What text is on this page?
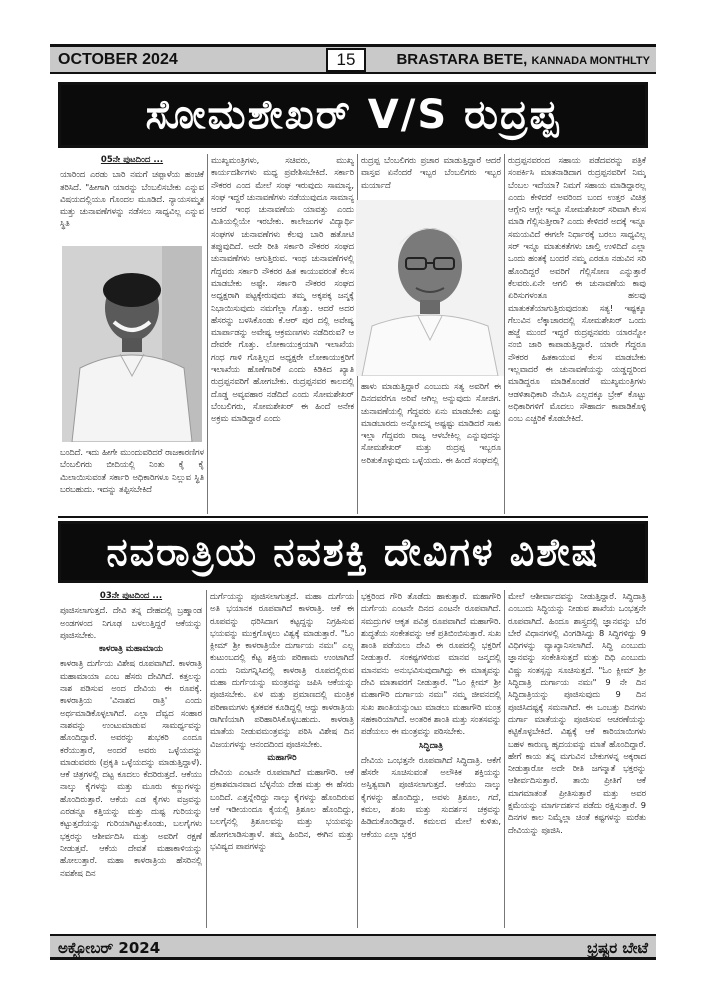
OCTOBER 2024	15	BRASTARA BETE, KANNADA MONTHLTY
ಸೋಮಶೇಖರ್ V/S ರುದ್ರಪ್ಪ

05ನೇ ಪುಟದಿಂದ ...

ಯಾರಿಂದ ಎರಡು ಬಾರಿ ನಮಗೆ ಚಪ್ಪಾಳೆಯ ಹಂಚಿಕೆ ತರಿಸಿದೆ. "ಹೀಗಾಗಿ ಯಾರನ್ನು ಬೆಂಬಲಿಸಬೇಕು ಎನ್ನುವ ವಿಷಯದಲ್ಲಿಯೂ ಗೊಂದಲ ಮೂಡಿದೆ. ನ್ಯಾಯಸಮ್ಮತ ಮತ್ತು ಚುನಾವಣೆಗಳನ್ನು ನಡೆಸಲು ಸಾಧ್ಯವಿಲ್ಲ ಎನ್ನುವ ಸ್ಥಿತಿ

ಬಂದಿದೆ. ಇದು ಹೀಗೇ ಮುಂದುವರಿದರೆ ರಾಜಕಾರಣಿಗಳ ಬೆಂಬಲಿಗರು ಬೀದಿಯಲ್ಲಿ ನಿಂತು ಕೈ ಕೈ ಮಿಲಾಯಿಸುವಂತೆ ಸರ್ಕಾರಿ ಅಧಿಕಾರಿಗಳೂ ನಿಲ್ಲುವ ಸ್ಥಿತಿ ಬರಬಹುದು. ಇದನ್ನು ತಪ್ಪಿಸಬೇಕಿದೆ

ಮುಖ್ಯಮಂತ್ರಿಗಳು, ಸಚಿವರು, ಮುಖ್ಯ ಕಾರ್ಯದರ್ಶಿಗಳು ಮಧ್ಯ ಪ್ರವೇಶಿಸಬೇಕಿದೆ. ಸರ್ಕಾರಿ ನೌಕರರ ಎಂದ ಮೇಲೆ ಸಂಘ ಇರುವುದು ಸಾಮಾನ್ಯ, ಸಂಘ ಇದ್ದರೆ ಚುನಾವಣೆಗಳು ನಡೆಯುವುದೂ ಸಾಮಾನ್ಯ ಆದರೆ ಇಂಥ ಚುನಾವಣೆಯ ಯಾವತ್ತು ಎಂದು ಮಿತಿಯಲ್ಲಿಯೇ ಇರಬೇಕು. ಕಾಲೇಜುಗಳ ವಿದ್ಯಾರ್ಥಿ ಸಂಘಗಳ ಚುನಾವಣೆಗಳು ಕೆಲವು ಬಾರಿ ಹತೋಟಿ ತಪ್ಪುವುದಿದೆ. ಅದೇ ರೀತಿ ಸರ್ಕಾರಿ ನೌಕರರ ಸಂಘದ ಚುನಾವಣೆಗಳು ಆಗುತ್ತಿರುವ. ಇಂಥ ಚುನಾವಣೆಗಳಲ್ಲಿ ಗೆದ್ದವರು ಸರ್ಕಾರಿ ನೌಕರರ ಹಿತ ಕಾಯುವರಂತೆ ಕೆಲಸ ಮಾಡಬೇಕು ಅಷ್ಟೇ. ಸರ್ಕಾರಿ ನೌಕರರ ಸಂಘದ ಅಧ್ಯಕ್ಷರಾಗಿ ಪಟ್ಟಕ್ಕೇರುವುದು ತಮ್ಮ ಅಕ್ಕಪಕ್ಕ ಜನ್ಮಕ್ಕೆ ನಿಭಾಯಿಸುವುದು ನಮಗೆಲ್ಲಾ ಗೊತ್ತು. ಆದರೆ ಅದರ ಹೆಸರನ್ನು ಬಳಸಿಕೊಂಡು ಕೆ.ಆರ್ ಪುರ ದಲ್ಲಿ ಅವೇಷ್ಯ ಮಾರ್ಪಾಡನ್ನು ಅವೇಷ್ಯ ಆಕ್ರಮಣಗಳು ನಡೆದಿರುವ? ಆ ದೇವರೇ ಗೊತ್ತು. ಲೋಕಾಯುಕ್ತಯಾಗಿ ಇಲಾಖೆಯ ಗಂಧ ಗಾಳಿ ಗೊತ್ತಿಲ್ಲದ ಅಧ್ಯಕ್ಷರೇ ಲೋಕಾಯುಕ್ತರಿಗೆ ಇಲಾಖೆಯ ಹೊಣೆಗಾರಿಕೆ ಎಂದು ಕಿಡಿಕಿದ ಖ್ಯಾತಿ ರುದ್ರಪ್ಪನವರಿಗೆ ಹೋಗಬೇಕು. ರುದ್ರಪ್ಪನವರ ಕಾಲದಲ್ಲಿ ದೊಡ್ಡ ಅವ್ಯವಹಾರ ನಡೆದಿದೆ ಎಂದು ಸೋಮಶೇಖರ್ ಬೆಂಬಲಿಗರು, ಸೋಮಶೇಖರ್ ಈ ಹಿಂದೆ ಅನೇಕ ಅಕ್ರಮ ಮಾಡಿದ್ದಾರೆ ಎಂದು

ರುದ್ರಪ್ಪ ಬೆಂಬಲಿಗರು ಪ್ರಚಾರ ಮಾಡುತ್ತಿದ್ದಾರೆ ಆದರೆ ವಾಸ್ತವ ಏನೆಂದರೆ ಇಬ್ಬರ ಬೆಂಬಲಿಗರು ಇಬ್ಬರ ಮರ್ಯಾದೆ

ಹಾಳು ಮಾಡುತ್ತಿದ್ದಾರೆ ಎಂಬುದು ಸತ್ಯ ಅವರಿಗೆ ಈ ದಿನದವರೆಗೂ ಅರಿವೆ ಆಗಿಲ್ಲ ಅನ್ನುವುದು ಸೋಜಿಗ. ಚುನಾವಣೆಯಲ್ಲಿ ಗೆದ್ದವರು ಏನು ಮಾಡಬೇಕು ಎಷ್ಟು ಮಾಡಬಾರದು ಅನ್ನೋದನ್ನ ಅಷ್ಟಷ್ಟು ಮಾಡಿದರೆ ಸಾಕು ಇಲ್ಲಾ ಗೆದ್ದವರು ರಾಜ್ಯ ಆಳಬೇಕಿಲ್ಲ ಎನ್ನುವುದನ್ನು ಸೋಮಶೇಖರ್ ಮತ್ತು ರುದ್ರಪ್ಪ ಇಬ್ಬರೂ ಅರಿತುಕೊಳ್ಳುವುದು ಒಳ್ಳೆಯದು. ಈ ಹಿಂದೆ ಸಂಘದಲ್ಲಿ

ರುದ್ರಪ್ಪನವರಂದ ಸಹಾಯ ಪಡೆದವರನ್ನು ಪತ್ರಿಕೆ ಸಂಪರ್ಕಿಸಿ ಮಾತನಾಡಿದಾಗ ರುದ್ರಪ್ಪನವರಿಗೆ ನಿಮ್ಮ ಬೆಂಬಲ ಇದೆಯಾ? ನಿಮಗೆ ಸಹಾಯ ಮಾಡಿದ್ದಾರಲ್ಲ ಎಂದು ಕೇಳಿದರೆ ಅವರಿಂದ ಬಂದ ಉತ್ತರ ವಿಚಿತ್ರ ಆಗ್ಲೇನಿ ಆಗ್ಲೇ ಇನ್ನೂ ಸೋಮಶೇಖರ್ ಸರಿವಾಗಿ ಕೆಲಸ ಮಾಡಿ ಗೆಲ್ಲಿಸುತ್ತೀರಾ? ಎಂದು ಕೇಳಿದರೆ ಅದಕ್ಕೆ ಇನ್ನೂ ಸಮಯವಿದೆ ಈಗಲೇ ನಿರ್ಧಾರಕ್ಕೆ ಬರಲು ಸಾಧ್ಯವಿಲ್ಲ ಸರ್ ಇನ್ನೂ ಮಾತುಕತೆಗಳು ಚಾಲ್ತಿ ಉಳಿದಿದೆ ಎಲ್ಲಾ ಒಂದು ಹಂತಕ್ಕೆ ಬಂದರೆ ನಮ್ಮ ಎರಡೂ ನಡುವಿನ ಸರಿ ಹೊಂದಿದ್ದರೆ ಅವರಿಗೆ ಗೆಲ್ಲಿಸೋಣ ಎನ್ನುತ್ತಾರೆ ಕೆಲವರು.ಏನೇ ಆಗಲಿ ಈ ಚುನಾವಣೆಯ ಕಾವು ಏರಿಸುಗಳಂತೂ ಹಲವು ಮಾತುಕತೆಯಾಗುತ್ತಿರುವುದಂತು ಸತ್ಯ! ಇಷ್ಟಕ್ಕೂ ಗೆಲುವಿನ ಲೆಕ್ಕಾಚಾರದಲ್ಲಿ ಸೋಮಶೇಖರ್ ಒಂದು ಹಜ್ಜೆ ಮುಂದೆ ಇದ್ದರೆ ರುದ್ರಪ್ಪನವರು ಯಾರನ್ನೋ ನಂಬಿ ಜಾರಿ ಕಾಪಾಡುತ್ತಿದ್ದಾರೆ. ಯಾರೇ ಗೆದ್ದರೂ ನೌಕರರ ಹಿತಕಾಯುವ ಕೆಲಸ ಮಾಡಬೇಕು ಇಲ್ಲವಾದರೆ ಈ ಚುನಾವಣೆಯನ್ನು ಯಡ್ಡದ್ದರಿಂದ ಮಾಡಿದ್ದರೂ ಮಾಡಿಕೊಂಡರೆ ಮುಖ್ಯಮಂತ್ರಿಗಳು ಆಡಳಿತಾಧಿಕಾರಿ ನೇಮಿಸಿ ಎಲ್ಲದಕ್ಕೂ ಬ್ರೇಕ್ ಕೊಟ್ಟು ಅಧಿಕಾರಿಗಳಿಗೆ ಮೊದಲು ಸೌಹಾರ್ದ ಕಾಪಾಡಿಕೊಳ್ಳಿ ಎಂಬ ಎಚ್ಚರಿಕೆ ಕೊಡಬೇಕಿದೆ.

ನವರಾತ್ರಿಯ ನವಶಕ್ತಿ ದೇವಿಗಳ ವಿಶೇಷ

03ನೇ ಪುಟದಿಂದ ...

ಪೂಜಿಸಲಾಗುತ್ತದೆ. ದೇವಿ ತನ್ನ ದೇಹದಲ್ಲಿ ಬ್ರಹ್ಮಾಂಡ ಅಂಡಗಳಂದ ನಿಗೂಢ ಬಳಲುತ್ತಿದ್ದರೆ ಆಕೆಯನ್ನು ಪೂಜಿಸಬೇಕು.

ಕಾಳರಾತ್ರಿ ಮಹಾಮಾಯ

ಕಾಳರಾತ್ರಿ ದುರ್ಗೆಯ ವಿಶೇಷ ರೂಪವಾಗಿದೆ. ಕಾಳರಾತ್ರಿ ಮಹಾಮಾಯಾ ಎಂಬ ಹೆಸರು ದೇವಿಗಿದೆ. ಕತ್ತಲನ್ನು ನಾಶ ಪಡಿಸುವ ಅಂದ ದೇವಿಯ ಈ ರೂಪಕ್ಕೆ. ಕಾಳರಾತ್ರಿಯ 'ವಿನಾಶದ ರಾತ್ರಿ' ಎಂದು ಅರ್ಥಮಾಡಿಕೊಳ್ಳಲಾಗಿದೆ. ಎಲ್ಲಾ ದೆವ್ವದ ಸಂಹಾರ ನಾಶವನ್ನು ಉಂಟುಮಾಡುವ ಸಾಮರ್ಥ್ಯವನ್ನು ಹೊಂದಿದ್ದಾರೆ. ಅವರನ್ನು ಶುಭಕರಿ ಎಂದೂ ಕರೆಯುತ್ತಾರೆ, ಅಂದರೆ ಅವರು ಒಳ್ಳೆಯದನ್ನು ಮಾಡುವವರು (ಪ್ರಕೃತಿ ಒಳ್ಳೆಯದನ್ನು ಮಾಡುತ್ತಿದ್ದಾಳೆ). ಆಕೆ ಚಿತ್ರಗಳಲ್ಲಿ ದಟ್ಟ ಕೂದಲು ಕೆದರಿರುತ್ತದೆ. ಆಕೆಯು ನಾಲ್ಕು ಕೈಗಳನ್ನು ಮತ್ತು ಮೂರು ಕಣ್ಣುಗಳನ್ನು ಹೊಂದಿರುತ್ತಾರೆ. ಆಕೆಯ ಎಡ ಕೈಗಳು ವಜ್ರವನ್ನು ಎರಡನ್ನೂ ಕತ್ತಿಯನ್ನು ಮತ್ತು ದುಷ್ಟ ಗುರಿಯನ್ನು ಕಟ್ಟುತ್ತದೆಯನ್ನು ಗುರಿಯಾಗಿಟ್ಟುಕೊಂಡು, ಬಲಗೈಗಳು ಭಕ್ತರನ್ನು ಆಶೀರ್ವದಿಸಿ ಮತ್ತು ಅವರಿಗೆ ರಕ್ಷಣೆ ನೀಡುತ್ತವೆ. ಆಕೆಯ ದೇವತೆ ಮಹಾಕಾಳಿಯನ್ನು ಹೋಲುತ್ತಾರೆ. ಮಹಾ ಕಾಳರಾತ್ರಿಯ ಹೆಸರಿನಲ್ಲಿ ನವಶೇಷ ದಿನ

ದುರ್ಗೆಯನ್ನು ಪೂಜಿಸಲಾಗುತ್ತದೆ. ಮಹಾ ದುರ್ಗೆಯ ಅತಿ ಭಯಾನಕ ರೂಪವಾಗಿದೆ ಕಾಳರಾತ್ರಿ. ಆಕೆ ಈ ರೂಪವನ್ನು ಧರಿಸಿದಾಗ ಕಟ್ಟದ್ದನ್ನು ನಿಗ್ರಹಿಸುವ ಭಯವನ್ನು ಮುಕ್ತಗೊಳ್ಳಲು ವಿಶ್ವಕ್ಕೆ ಮಾಡುತ್ತಾರೆ. "ಓಂ ಕ್ಲೀಮ್ ಶ್ರೀ ಕಾಳರಾತ್ರಿಯೇ ದುರ್ಗಾಯ ನಮಃ" ಎಲ್ಲ ಕುಟುಂಬದಲ್ಲಿ ಕೆಟ್ಟ ಶಕ್ತಿಯ ಪರಿಣಾಮ ಉಂಟಾಗಿದೆ ಎಂದು ನಿಮಗನ್ನಿಸಿದಲ್ಲಿ ಕಾಳರಾತ್ರಿ ರೂಪದಲ್ಲಿರುವ ಮಹಾ ದುರ್ಗೆಯನ್ನು ಮಂತ್ರವನ್ನು ಜಪಿಸಿ ಆಕೆಯನ್ನು ಪೂಜಿಸಬೇಕು. ಏಳ ಮತ್ತು ಪ್ರಮಾಣದಲ್ಲಿ ಮಂತ್ರಿಕ ಪರಿಣಾಮಗಳು ಕೃತಕವಕ ಕೂಡಿದ್ದಲ್ಲಿ ಆದ್ದು ಕಾಳರಾತ್ರಿಯ ರಾಗಿಣಿಯಾಗಿ ಪರಿಹಾರಿಸಿಕೊಳ್ಳಬಹುದು. ಕಾಳರಾತ್ರಿ ಮಾತೆಯ ನೀಡುವಮಂತ್ರವನ್ನು ಪಠಿಸಿ ವಿಶೇಷ ದಿನ ವಿಜಯಗಳನ್ನು ಆನಂದದಿಂದ ಪೂಜಿಸಬೇಕು.

ಮಹಾಗೌರಿ

ದೇವಿಯ ಎಂಟನೇ ರೂಪವಾಗಿದೆ ಮಹಾಗೌರಿ. ಆಕೆ ಪ್ರಕಾಶಮಾನವಾದ ಬೆಳ್ಳನೆಯ ದೇಹ ಮತ್ತು ಈ ಹೆಸರು ಬಂದಿದೆ. ಎತ್ತನ್ನೇರಿದ್ದು ನಾಲ್ಕು ಕೈಗಳನ್ನು ಹೊಂದಿರುವ ಆಕೆ ಇಡೀಯಂದೂ ಕೈಯಲ್ಲಿ ತ್ರಿಶೂಲ ಹೊಂದಿದ್ದು, ಬಲಗೈನಲ್ಲಿ ತ್ರಿಶೂಲವನ್ನು ಮತ್ತು ಭಯವನ್ನು ಹೋಗಲಾಡಿಸುತ್ತಾಳೆ. ತಮ್ಮ ಹಿಂದಿನ, ಈಗಿನ ಮತ್ತು ಭವಿಷ್ಯದ ಪಾಪಗಳನ್ನು

ಭಕ್ತರಿಂದ ಗೌರಿ ತೊಡೆದು ಹಾಕುತ್ತಾರೆ. ಮಹಾಗೌರಿ ದುರ್ಗೆಯ ಎಂಟನೇ ದಿನದ ಎಂಟನೇ ರೂಪವಾಗಿದೆ. ಸಮದ್ರುಗಳ ಆಕೃತ ಪವಿತ್ರ ರೂಪವಾಗಿದೆ ಮಹಾಗೌರಿ. ಶುದ್ಧತೆಯ ಸಂಕೇತವನ್ನು ಆಕೆ ಪ್ರತಿಬಿಂಬಿಸುತ್ತಾರೆ. ಸುಖ ಶಾಂತಿ ಪಡೆಯಲು ದೇವಿ ಈ ರೂಪದಲ್ಲಿ ಭಕ್ತರಿಗೆ ನೀಡುತ್ತಾರೆ. ಸಂಕಷ್ಟಗಳಿರುವ ಮಾನವ ಜನ್ಮದಲ್ಲಿ ಮಾನವನು ಅನುಭವಿಸುವುದಾಗಿದ್ದು ಈ ಮಾತೃವನ್ನು ದೇವಿ ಮಾತಾವರಗೆ ನೀಡುತ್ತಾರೆ. "ಓಂ ಕ್ಲೀಮ್ ಶ್ರೀ ಮಹಾಗೌರಿ ದುರ್ಗಾಯ ನಮಃ" ನಮ್ಮ ಜೀವನದಲ್ಲಿ ಸುಖ ಶಾಂತಿಯನ್ನುಂಟು ಮಾಡಲು ಮಹಾಗೌರಿ ಮಂತ್ರ ಸಹಕಾರಿಯಾಗಿದೆ. ಅಂತರಿಕ ಶಾಂತಿ ಮತ್ತು ಸಂತಸವನ್ನು ಪಡೆಯಲು ಈ ಮಂತ್ರವನ್ನು ಪಠಿಸಬೇಕು.

ಸಿದ್ಧಿದಾತ್ರಿ

ದೇವಿಯ ಒಂಭತ್ತನೇ ರೂಪವಾಗಿದೆ ಸಿದ್ಧಿದಾತ್ರಿ. ಆಕೆಗೆ ಹೆಸರೇ ಸೂಚಿಸುವಂತೆ ಅಲೌಕಿಕ ಶಕ್ತಿಯನ್ನು ಅಸ್ತಿತ್ವವಾಗಿ ಪೂಜಿಸಲಾಗುತ್ತದೆ. ಆಕೆಯು ನಾಲ್ಕು ಕೈಗಳನ್ನು ಹೊಂದಿದ್ದು, ಅವಳು ತ್ರಿಶೂಲ, ಗದೆ, ಕಮಲ, ಶಂಖ ಮತ್ತು ಸುದರ್ಶನ ಚಕ್ರವನ್ನು ಹಿಡಿದುಕೊಂಡಿದ್ದಾರೆ. ಕಮಲದ ಮೇಲೆ ಕುಳಿತು, ಆಕೆಯು ಎಲ್ಲಾ ಭಕ್ತರ

ಮೇಲೆ ಆಶೀರ್ವಾದವನ್ನು ನೀಡುತ್ತಿದ್ದಾರೆ. ಸಿದ್ಧಿದಾತ್ರಿ ಎಂಬುದು ಸಿದ್ಧಿಯನ್ನು ನೀಡುವ ಶಾಖೆಯ ಒಂಭತ್ತನೇ ರೂಪವಾಗಿದೆ. ಹಿಂದೂ ಶಾಸ್ತ್ರದಲ್ಲಿ ಜ್ಞಾನವನ್ನು ಬೆರ ಬೇರೆ ವಿಧಾನಗಳಲ್ಲಿ ವಿಂಗಡಿಸಿದ್ದು 8 ಸಿದ್ಧಿಗಳಿದ್ದು 9 ವಿಧಿಗಳನ್ನು ವ್ಯಾಖ್ಯಾನಿಸಲಾಗಿದೆ. ಸಿದ್ಧಿ ಎಂಬುದು ಜ್ಞಾನವನ್ನು ಸಂಕೇತಿಸುತ್ತದೆ ಮತ್ತು ದಿಧಿ ಎಂಬುದು ವಿಷ್ಣು ಸಂತಸ್ಸನ್ನು ಸೂಚಿಸುತ್ತದೆ. "ಓಂ ಕ್ಲೀಮ್ ಶ್ರೀ ಸಿದ್ಧಿದಾತ್ರಿ ದುರ್ಗಾಯ ನಮಃ" 9 ನೇ ದಿನ ಸಿದ್ಧಿದಾತ್ರಿಯನ್ನು ಪೂಜಿಸುವುದು 9 ದಿನ ಪೂಜಿಸಿದಷ್ಟಕ್ಕೆ ಸಮನಾಗಿದೆ. ಈ ಒಂಬತ್ತು ದಿನಗಳು ದುರ್ಗಾ ಮಾತೆಯನ್ನು ಪೂಜಿಸುವ ಆಚರಣೆಯನ್ನು ಕಟ್ಟಿಕೊಳ್ಳಬೇಕಿದೆ. ವಿಶ್ವಕ್ಕೆ ಆಕೆ ಕಾರಿಯಾಯಿಗಳು ಬಹಳ ಕಾರುಣ್ಯ ಹೃದಯವನ್ನು ಮಾತೆ ಹೊಂದಿದ್ದಾರೆ. ಹೇಗೆ ಕಾಯ ತನ್ನ ಮಗುವಿನ ಬೇಕುಗಳನ್ನ ಅಕ್ಕರಾದ ನೀಡುತ್ತಾರೋ ಅದೇ ರೀತಿ ಜಗನ್ಮಾತೆ ಭಕ್ತರನ್ನು ಆಶೀರ್ವದಿಸುತ್ತಾರೆ. ತಾಯಿ ಪ್ರೀತಿಗೆ ಆಕೆ ಮಾಗಮಾತಂತೆ ಪ್ರೀತಿಸುತ್ತಾರೆ ಮತ್ತು ಅವರ ಕ್ಷಮೆಯನ್ನು ಮಾರ್ಗದರ್ಶನ ಪಡೆದು ರಕ್ಷಿಸುತ್ತಾರೆ. 9 ದಿನಗಳ ಕಾಲ ನಿಮ್ಮೆಲ್ಲಾ ಚಿಂತೆ ಕಷ್ಟಗಳನ್ನು ಮರೆತು ದೇವಿಯನ್ನು ಪೂಜಿಸಿ.

ಅಕ್ಟೋಬರ್ 2024	ಭ್ರಷ್ಟರ ಬೇಟೆ
